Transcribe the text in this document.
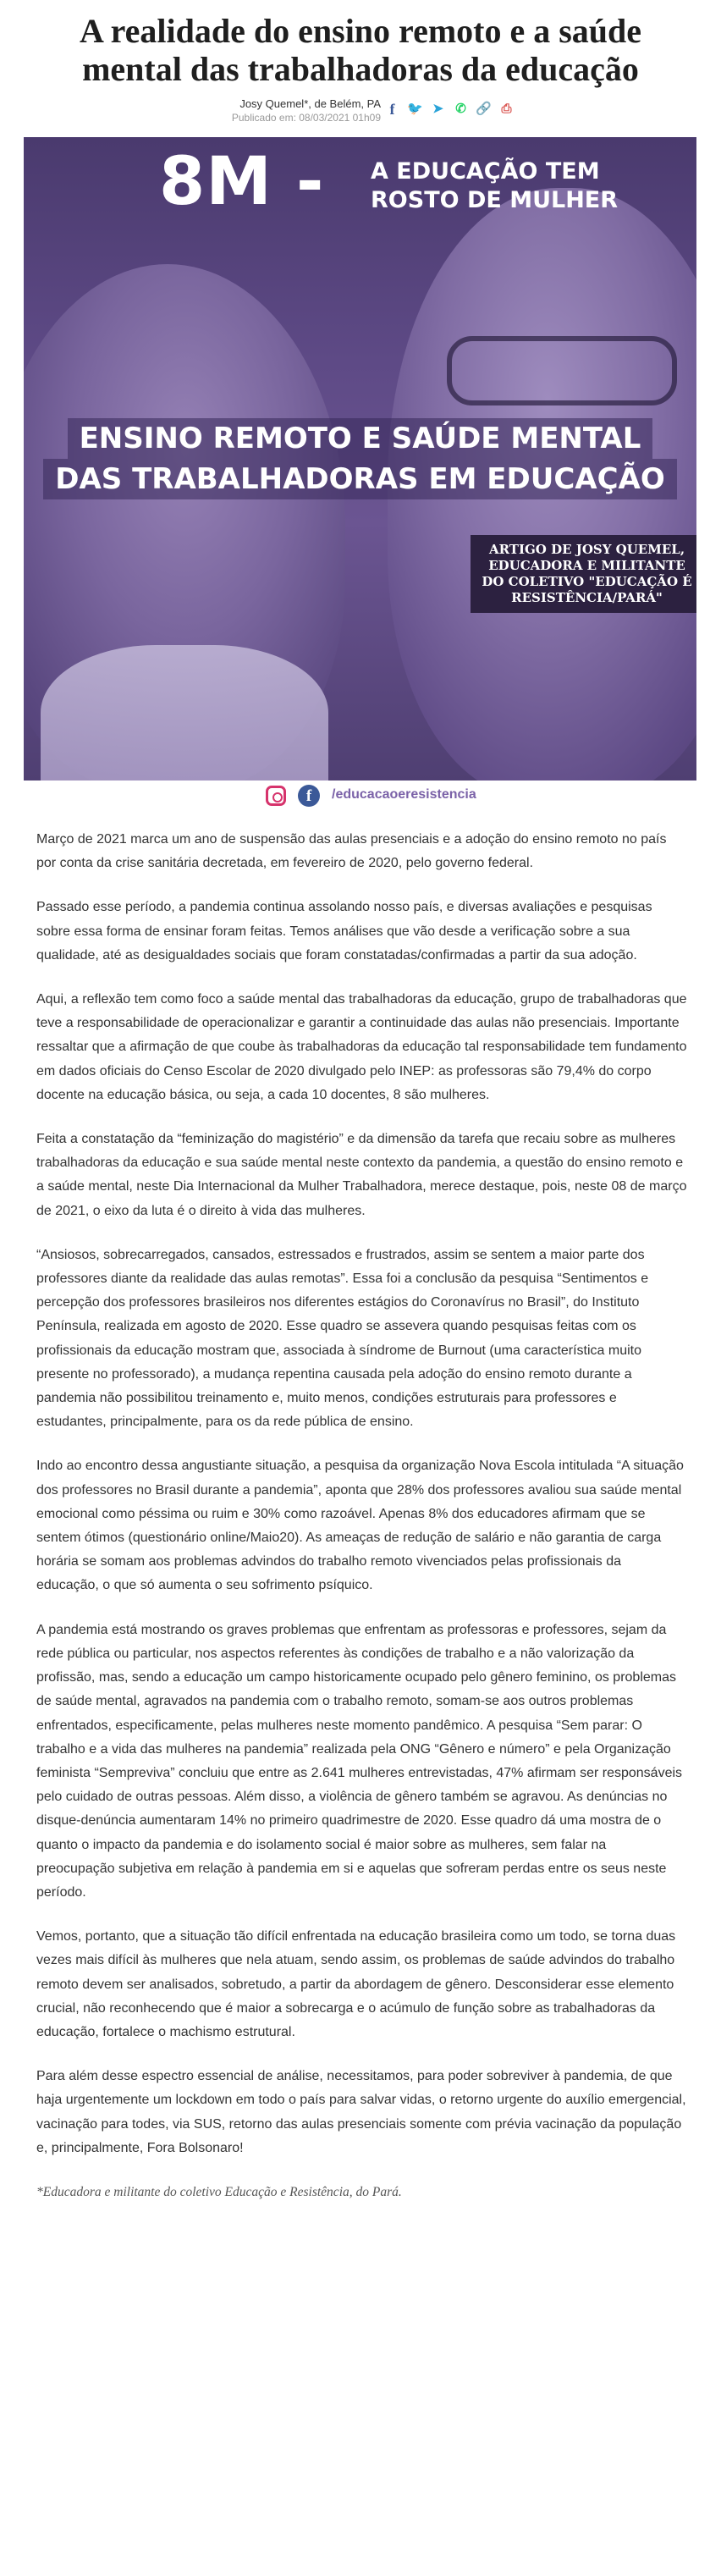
A realidade do ensino remoto e a saúde
mental das trabalhadoras da educação
Josy Quemel*, de Belém, PA
Publicado em: 08/03/2021 01h09 f 🐦 ➤ ✆ 🔗 ⎙
8M - A EDUCAÇÃO TEM
ROSTO DE MULHER
ENSINO REMOTO E SAÚDE MENTAL
DAS TRABALHADORAS EM EDUCAÇÃO
ARTIGO DE JOSY QUEMEL, EDUCADORA E MILITANTE DO COLETIVO "EDUCAÇÃO É RESISTÊNCIA/PARÁ"
f	/educacaoeresistencia

Março de 2021 marca um ano de suspensão das aulas presenciais e a adoção do ensino remoto no país por conta da crise sanitária decretada, em fevereiro de 2020, pelo governo federal.

Passado esse período, a pandemia continua assolando nosso país, e diversas avaliações e pesquisas sobre essa forma de ensinar foram feitas. Temos análises que vão desde a verificação sobre a sua qualidade, até as desigualdades sociais que foram constatadas/confirmadas a partir da sua adoção.

Aqui, a reflexão tem como foco a saúde mental das trabalhadoras da educação, grupo de trabalhadoras que teve a responsabilidade de operacionalizar e garantir a continuidade das aulas não presenciais. Importante ressaltar que a afirmação de que coube às trabalhadoras da educação tal responsabilidade tem fundamento em dados oficiais do Censo Escolar de 2020 divulgado pelo INEP: as professoras são 79,4% do corpo docente na educação básica, ou seja, a cada 10 docentes, 8 são mulheres.

Feita a constatação da “feminização do magistério” e da dimensão da tarefa que recaiu sobre as mulheres trabalhadoras da educação e sua saúde mental neste contexto da pandemia, a questão do ensino remoto e a saúde mental, neste Dia Internacional da Mulher Trabalhadora, merece destaque, pois, neste 08 de março de 2021, o eixo da luta é o direito à vida das mulheres.

“Ansiosos, sobrecarregados, cansados, estressados e frustrados, assim se sentem a maior parte dos professores diante da realidade das aulas remotas”. Essa foi a conclusão da pesquisa “Sentimentos e percepção dos professores brasileiros nos diferentes estágios do Coronavírus no Brasil”, do Instituto Península, realizada em agosto de 2020. Esse quadro se assevera quando pesquisas feitas com os profissionais da educação mostram que, associada à síndrome de Burnout (uma característica muito presente no professorado), a mudança repentina causada pela adoção do ensino remoto durante a pandemia não possibilitou treinamento e, muito menos, condições estruturais para professores e estudantes, principalmente, para os da rede pública de ensino.

Indo ao encontro dessa angustiante situação, a pesquisa da organização Nova Escola intitulada “A situação dos professores no Brasil durante a pandemia”, aponta que 28% dos professores avaliou sua saúde mental emocional como péssima ou ruim e 30% como razoável. Apenas 8% dos educadores afirmam que se sentem ótimos (questionário online/Maio20). As ameaças de redução de salário e não garantia de carga horária se somam aos problemas advindos do trabalho remoto vivenciados pelas profissionais da educação, o que só aumenta o seu sofrimento psíquico.

A pandemia está mostrando os graves problemas que enfrentam as professoras e professores, sejam da rede pública ou particular, nos aspectos referentes às condições de trabalho e a não valorização da profissão, mas, sendo a educação um campo historicamente ocupado pelo gênero feminino, os problemas de saúde mental, agravados na pandemia com o trabalho remoto, somam-se aos outros problemas enfrentados, especificamente, pelas mulheres neste momento pandêmico. A pesquisa “Sem parar: O trabalho e a vida das mulheres na pandemia” realizada pela ONG “Gênero e número” e pela Organização feminista “Sempreviva” concluiu que entre as 2.641 mulheres entrevistadas, 47% afirmam ser responsáveis pelo cuidado de outras pessoas. Além disso, a violência de gênero também se agravou. As denúncias no disque-denúncia aumentaram 14% no primeiro quadrimestre de 2020. Esse quadro dá uma mostra de o quanto o impacto da pandemia e do isolamento social é maior sobre as mulheres, sem falar na preocupação subjetiva em relação à pandemia em si e aquelas que sofreram perdas entre os seus neste período.

Vemos, portanto, que a situação tão difícil enfrentada na educação brasileira como um todo, se torna duas vezes mais difícil às mulheres que nela atuam, sendo assim, os problemas de saúde advindos do trabalho remoto devem ser analisados, sobretudo, a partir da abordagem de gênero. Desconsiderar esse elemento crucial, não reconhecendo que é maior a sobrecarga e o acúmulo de função sobre as trabalhadoras da educação, fortalece o machismo estrutural.

Para além desse espectro essencial de análise, necessitamos, para poder sobreviver à pandemia, de que haja urgentemente um lockdown em todo o país para salvar vidas, o retorno urgente do auxílio emergencial, vacinação para todes, via SUS, retorno das aulas presenciais somente com prévia vacinação da população e, principalmente, Fora Bolsonaro!

*Educadora e militante do coletivo Educação e Resistência, do Pará.
